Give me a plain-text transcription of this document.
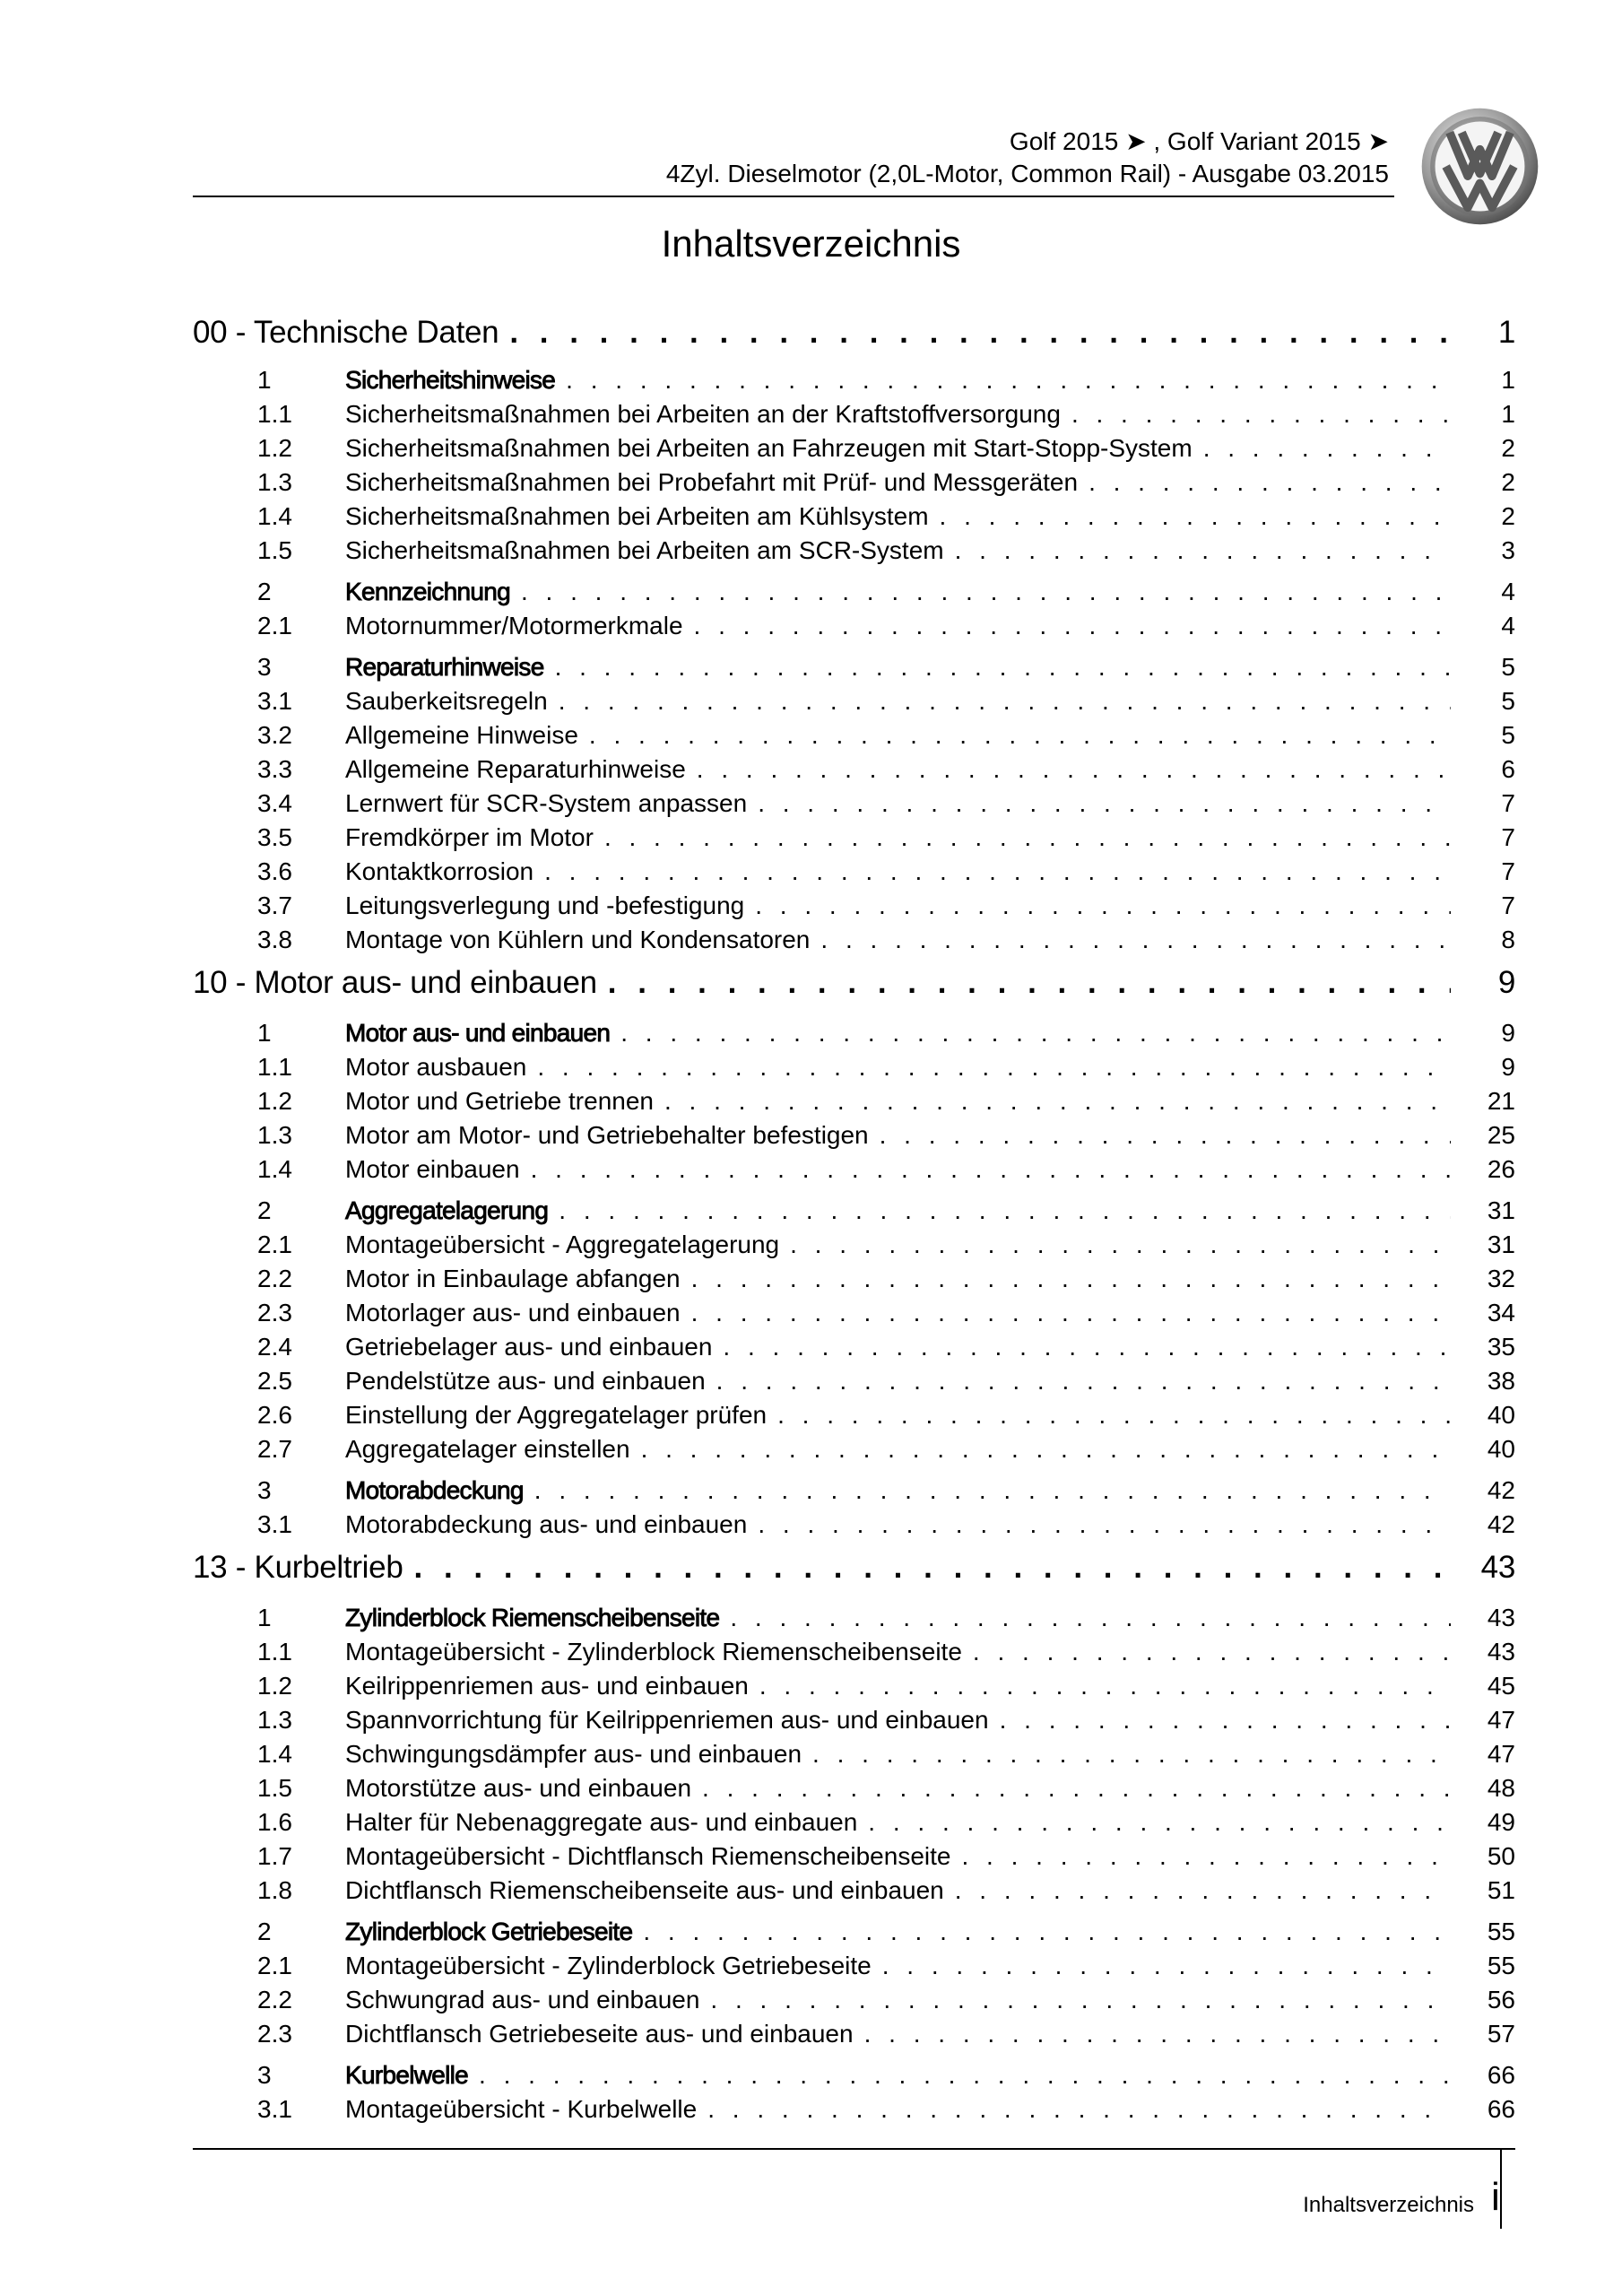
Golf 2015 ➤ , Golf Variant 2015 ➤
4Zyl. Dieselmotor (2,0L-Motor, Common Rail) - Ausgabe 03.2015
Inhaltsverzeichnis
00 - Technische Daten . . .	1
1	Sicherheitshinweise . . .	1
1.1	Sicherheitsmaßnahmen bei Arbeiten an der Kraftstoffversorgung . . .	1
1.2	Sicherheitsmaßnahmen bei Arbeiten an Fahrzeugen mit Start-Stopp-System . . .	2
1.3	Sicherheitsmaßnahmen bei Probefahrt mit Prüf- und Messgeräten . . .	2
1.4	Sicherheitsmaßnahmen bei Arbeiten am Kühlsystem . . .	2
1.5	Sicherheitsmaßnahmen bei Arbeiten am SCR-System . . .	3
2	Kennzeichnung . . .	4
2.1	Motornummer/Motormerkmale . . .	4
3	Reparaturhinweise . . .	5
3.1	Sauberkeitsregeln . . .	5
3.2	Allgemeine Hinweise . . .	5
3.3	Allgemeine Reparaturhinweise . . .	6
3.4	Lernwert für SCR-System anpassen . . .	7
3.5	Fremdkörper im Motor . . .	7
3.6	Kontaktkorrosion . . .	7
3.7	Leitungsverlegung und -befestigung . . .	7
3.8	Montage von Kühlern und Kondensatoren . . .	8
10 - Motor aus- und einbauen . . .	9
1	Motor aus- und einbauen . . .	9
1.1	Motor ausbauen . . .	9
1.2	Motor und Getriebe trennen . . .	21
1.3	Motor am Motor- und Getriebehalter befestigen . . .	25
1.4	Motor einbauen . . .	26
2	Aggregatelagerung . . .	31
2.1	Montageübersicht - Aggregatelagerung . . .	31
2.2	Motor in Einbaulage abfangen . . .	32
2.3	Motorlager aus- und einbauen . . .	34
2.4	Getriebelager aus- und einbauen . . .	35
2.5	Pendelstütze aus- und einbauen . . .	38
2.6	Einstellung der Aggregatelager prüfen . . .	40
2.7	Aggregatelager einstellen . . .	40
3	Motorabdeckung . . .	42
3.1	Motorabdeckung aus- und einbauen . . .	42
13 - Kurbeltrieb . . .	43
1	Zylinderblock Riemenscheibenseite . . .	43
1.1	Montageübersicht - Zylinderblock Riemenscheibenseite . . .	43
1.2	Keilrippenriemen aus- und einbauen . . .	45
1.3	Spannvorrichtung für Keilrippenriemen aus- und einbauen . . .	47
1.4	Schwingungsdämpfer aus- und einbauen . . .	47
1.5	Motorstütze aus- und einbauen . . .	48
1.6	Halter für Nebenaggregate aus- und einbauen . . .	49
1.7	Montageübersicht - Dichtflansch Riemenscheibenseite . . .	50
1.8	Dichtflansch Riemenscheibenseite aus- und einbauen . . .	51
2	Zylinderblock Getriebeseite . . .	55
2.1	Montageübersicht - Zylinderblock Getriebeseite . . .	55
2.2	Schwungrad aus- und einbauen . . .	56
2.3	Dichtflansch Getriebeseite aus- und einbauen . . .	57
3	Kurbelwelle . . .	66
3.1	Montageübersicht - Kurbelwelle . . .	66
Inhaltsverzeichnis i
